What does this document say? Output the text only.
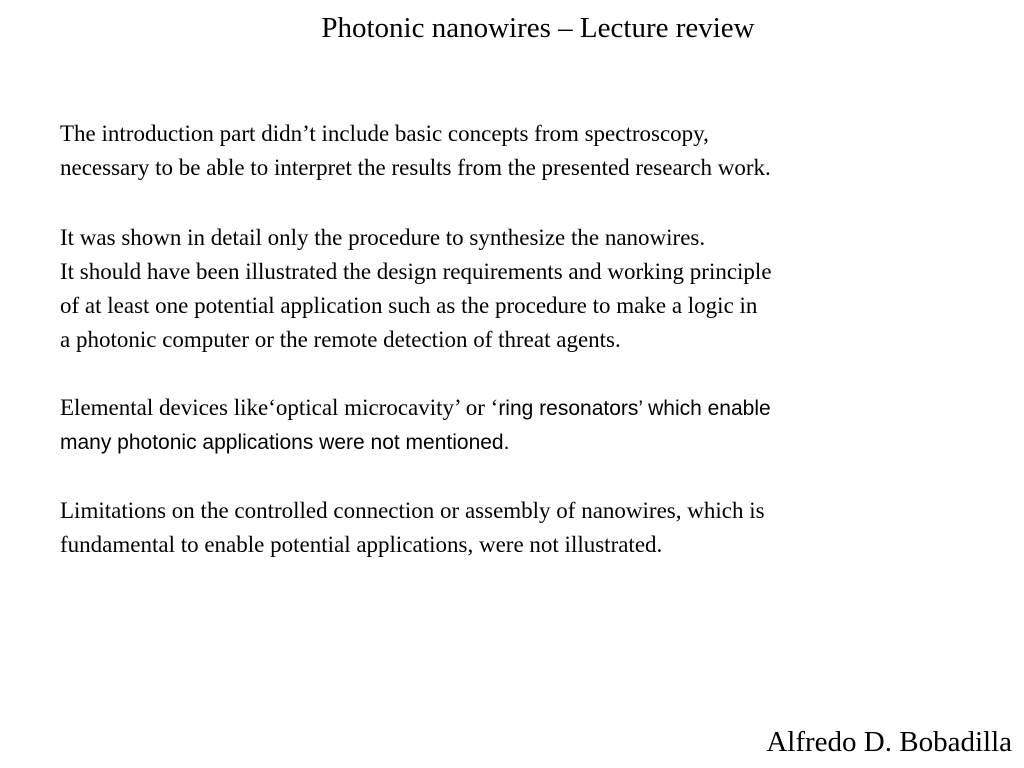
Photonic nanowires – Lecture review
The introduction part didn’t include basic concepts from spectroscopy,
necessary to be able to interpret the results from the presented research work.
It was shown in detail only the procedure to synthesize the nanowires.
It should have been illustrated the design requirements and working principle
of at least one potential application such as the procedure to make a logic in
a photonic computer or the remote detection of threat agents.
Elemental devices like‘optical microcavity’ or ‘ring resonators’ which enable
many photonic applications were not mentioned.
Limitations on the controlled connection or assembly of nanowires, which is
fundamental to enable potential applications, were not illustrated.
Alfredo D. Bobadilla
